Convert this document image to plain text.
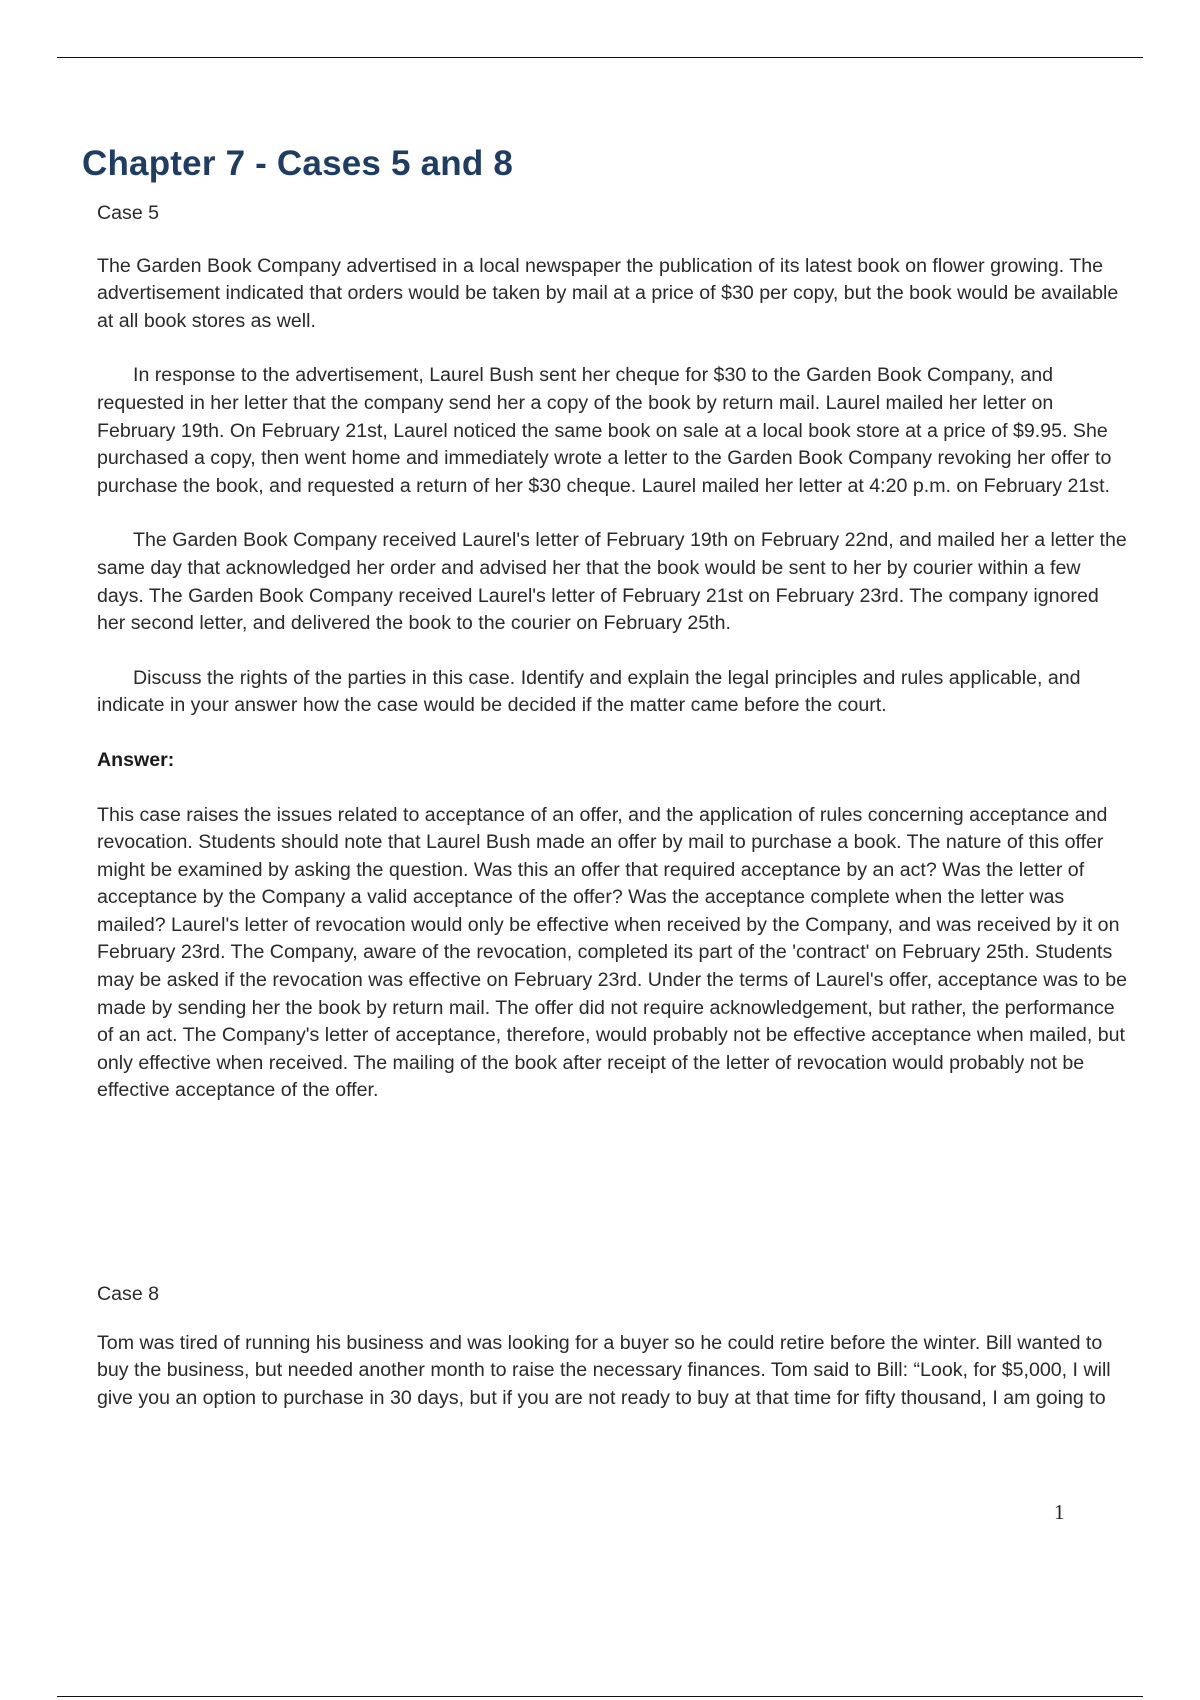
Chapter 7 - Cases 5 and 8

Case 5

The Garden Book Company advertised in a local newspaper the publication of its latest book on flower growing. The advertisement indicated that orders would be taken by mail at a price of $30 per copy, but the book would be available at all book stores as well.

In response to the advertisement, Laurel Bush sent her cheque for $30 to the Garden Book Company, and requested in her letter that the company send her a copy of the book by return mail. Laurel mailed her letter on February 19th. On February 21st, Laurel noticed the same book on sale at a local book store at a price of $9.95. She purchased a copy, then went home and immediately wrote a letter to the Garden Book Company revoking her offer to purchase the book, and requested a return of her $30 cheque. Laurel mailed her letter at 4:20 p.m. on February 21st.

The Garden Book Company received Laurel's letter of February 19th on February 22nd, and mailed her a letter the same day that acknowledged her order and advised her that the book would be sent to her by courier within a few days. The Garden Book Company received Laurel's letter of February 21st on February 23rd. The company ignored her second letter, and delivered the book to the courier on February 25th.

Discuss the rights of the parties in this case. Identify and explain the legal principles and rules applicable, and indicate in your answer how the case would be decided if the matter came before the court.

Answer:

This case raises the issues related to acceptance of an offer, and the application of rules concerning acceptance and revocation. Students should note that Laurel Bush made an offer by mail to purchase a book. The nature of this offer might be examined by asking the question. Was this an offer that required acceptance by an act? Was the letter of acceptance by the Company a valid acceptance of the offer? Was the acceptance complete when the letter was mailed? Laurel's letter of revocation would only be effective when received by the Company, and was received by it on February 23rd. The Company, aware of the revocation, completed its part of the 'contract' on February 25th. Students may be asked if the revocation was effective on February 23rd. Under the terms of Laurel's offer, acceptance was to be made by sending her the book by return mail. The offer did not require acknowledgement, but rather, the performance of an act. The Company's letter of acceptance, therefore, would probably not be effective acceptance when mailed, but only effective when received. The mailing of the book after receipt of the letter of revocation would probably not be effective acceptance of the offer.

Case 8

Tom was tired of running his business and was looking for a buyer so he could retire before the winter. Bill wanted to buy the business, but needed another month to raise the necessary finances. Tom said to Bill: “Look, for $5,000, I will give you an option to purchase in 30 days, but if you are not ready to buy at that time for fifty thousand, I am going to

1
